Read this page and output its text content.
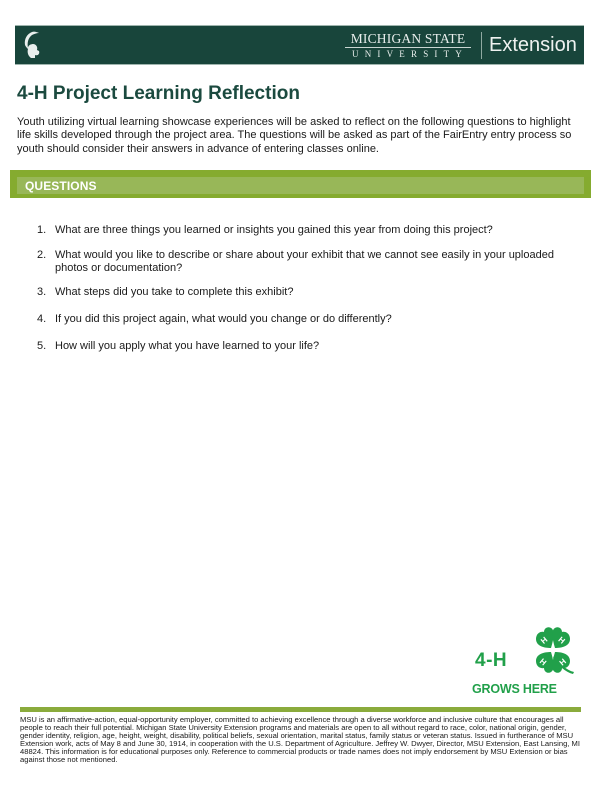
MICHIGAN STATE
UNIVERSITY Extension
4-H Project Learning Reflection

Youth utilizing virtual learning showcase experiences will be asked to reflect on the following questions to highlight life skills developed through the project area. The questions will be asked as part of the FairEntry entry process so youth should consider their answers in advance of entering classes online.

QUESTIONS
1. What are three things you learned or insights you gained this year from doing this project?
2. What would you like to describe or share about your exhibit that we cannot see easily in your uploaded photos or documentation?
3. What steps did you take to complete this exhibit?
4. If you did this project again, what would you change or do differently?
5. How will you apply what you have learned to your life?
4-H
H H
H H
GROWS HERE

MSU is an affirmative-action, equal-opportunity employer, committed to achieving excellence through a diverse workforce and inclusive culture that encourages all people to reach their full potential. Michigan State University Extension programs and materials are open to all without regard to race, color, national origin, gender, gender identity, religion, age, height, weight, disability, political beliefs, sexual orientation, marital status, family status or veteran status. Issued in furtherance of MSU Extension work, acts of May 8 and June 30, 1914, in cooperation with the U.S. Department of Agriculture. Jeffrey W. Dwyer, Director, MSU Extension, East Lansing, MI 48824. This information is for educational purposes only. Reference to commercial products or trade names does not imply endorsement by MSU Extension or bias against those not mentioned.
